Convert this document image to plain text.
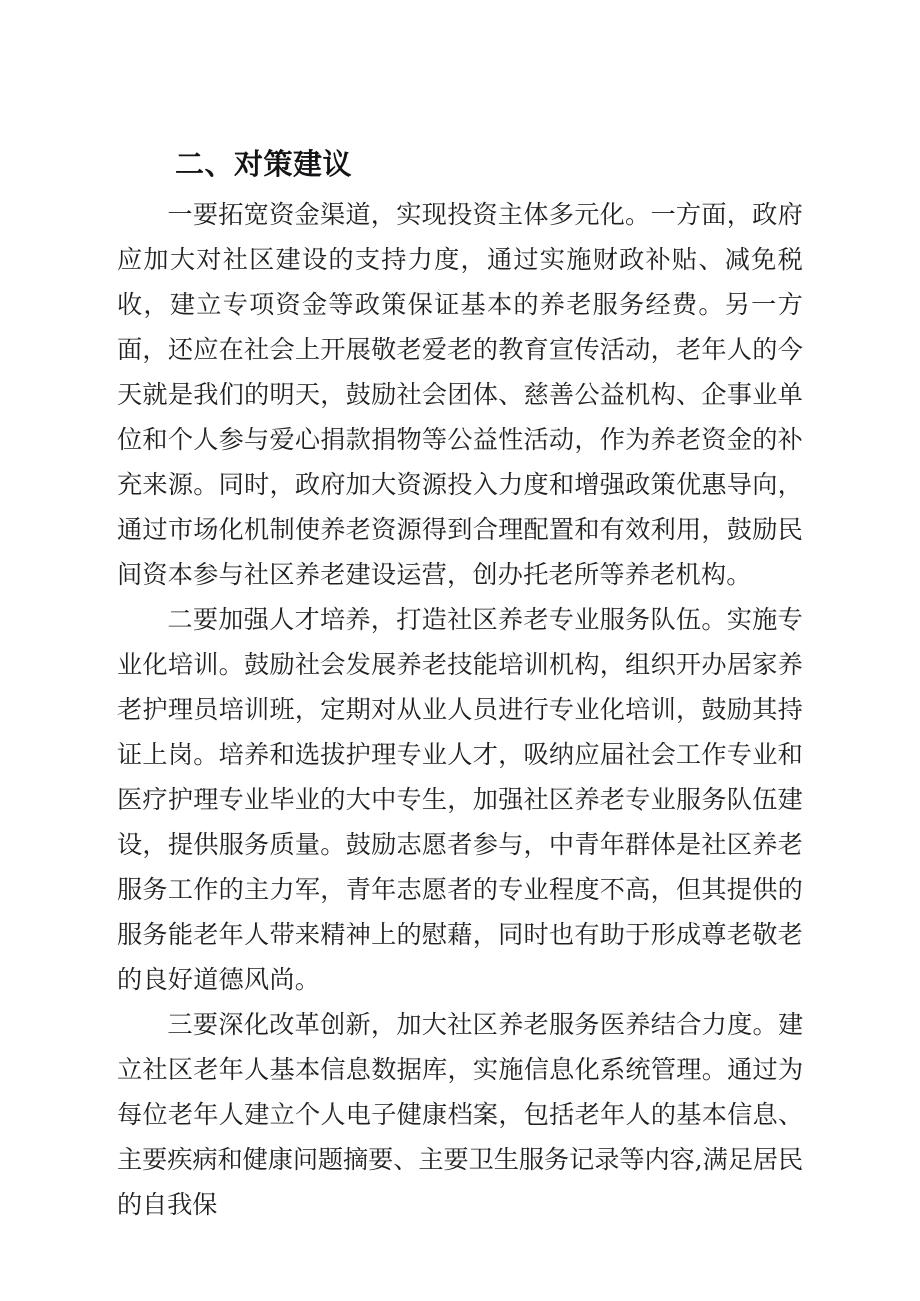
二、对策建议

一要拓宽资金渠道，实现投资主体多元化。一方面，政府应加大对社区建设的支持力度，通过实施财政补贴、减免税收，建立专项资金等政策保证基本的养老服务经费。另一方面，还应在社会上开展敬老爱老的教育宣传活动，老年人的今天就是我们的明天，鼓励社会团体、慈善公益机构、企事业单位和个人参与爱心捐款捐物等公益性活动，作为养老资金的补充来源。同时，政府加大资源投入力度和增强政策优惠导向，通过市场化机制使养老资源得到合理配置和有效利用，鼓励民间资本参与社区养老建设运营，创办托老所等养老机构。

二要加强人才培养，打造社区养老专业服务队伍。实施专业化培训。鼓励社会发展养老技能培训机构，组织开办居家养老护理员培训班，定期对从业人员进行专业化培训，鼓励其持证上岗。培养和选拔护理专业人才，吸纳应届社会工作专业和医疗护理专业毕业的大中专生，加强社区养老专业服务队伍建设，提供服务质量。鼓励志愿者参与，中青年群体是社区养老服务工作的主力军，青年志愿者的专业程度不高，但其提供的服务能老年人带来精神上的慰藉，同时也有助于形成尊老敬老的良好道德风尚。

三要深化改革创新，加大社区养老服务医养结合力度。建立社区老年人基本信息数据库，实施信息化系统管理。通过为每位老年人建立个人电子健康档案，包括老年人的基本信息、主要疾病和健康问题摘要、主要卫生服务记录等内容,满足居民的自我保
